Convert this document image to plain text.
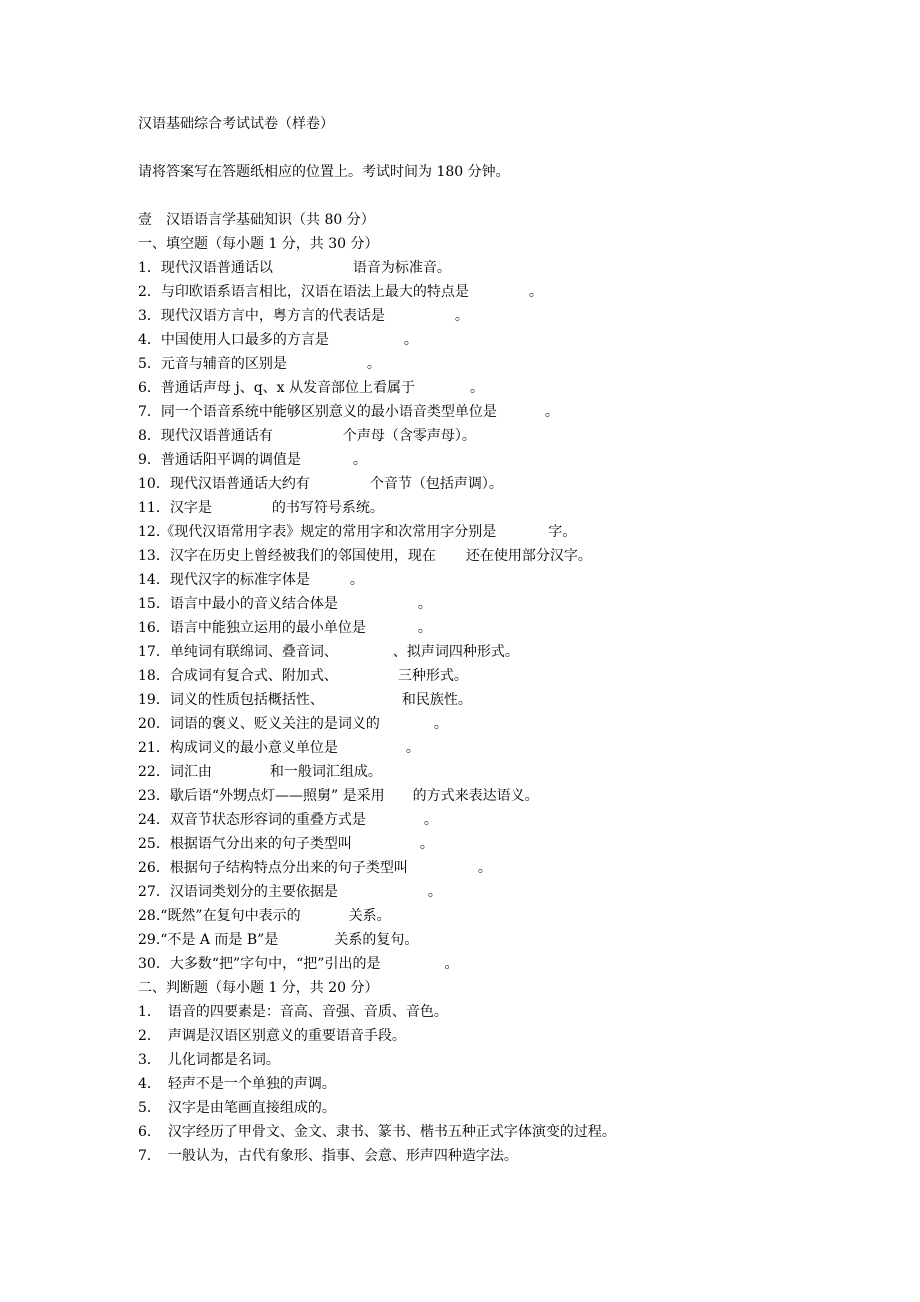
汉语基础综合考试试卷（样卷）

请将答案写在答题纸相应的位置上。考试时间为 180 分钟。

壹　汉语语言学基础知识（共 80 分）

一、填空题（每小题 1 分，共 30 分）

1．现代汉语普通话以	语音为标准音。

2．与印欧语系语言相比，汉语在语法上最大的特点是	。

3．现代汉语方言中，粤方言的代表话是	。

4．中国使用人口最多的方言是	。

5．元音与辅音的区别是	。

6．普通话声母 j、q、x 从发音部位上看属于	。

7．同一个语音系统中能够区别意义的最小语音类型单位是	。

8．现代汉语普通话有	个声母（含零声母）。

9．普通话阳平调的调值是	。

10．现代汉语普通话大约有	个音节（包括声调）。

11．汉字是	的书写符号系统。

12.《现代汉语常用字表》规定的常用字和次常用字分别是	字。

13．汉字在历史上曾经被我们的邻国使用，现在 还在使用部分汉字。

14．现代汉字的标准字体是	。

15．语言中最小的音义结合体是	。

16．语言中能独立运用的最小单位是	。

17．单纯词有联绵词、叠音词、	、拟声词四种形式。

18．合成词有复合式、附加式、	三种形式。

19．词义的性质包括概括性、	和民族性。

20．词语的褒义、贬义关注的是词义的	。

21．构成词义的最小意义单位是	。

22．词汇由	和一般词汇组成。

23．歇后语“外甥点灯——照舅” 是采用 的方式来表达语义。

24．双音节状态形容词的重叠方式是	。

25．根据语气分出来的句子类型叫	。

26．根据句子结构特点分出来的句子类型叫	。

27．汉语词类划分的主要依据是	。

28.“既然”在复句中表示的	关系。

29.“不是 A 而是 B”是	关系的复句。

30．大多数“把”字句中，“把”引出的是	。

二、判断题（每小题 1 分，共 20 分）

1．　语音的四要素是：音高、音强、音质、音色。

2．　声调是汉语区别意义的重要语音手段。

3．　儿化词都是名词。

4．　轻声不是一个单独的声调。

5．　汉字是由笔画直接组成的。

6．　汉字经历了甲骨文、金文、隶书、篆书、楷书五种正式字体演变的过程。

7．　一般认为，古代有象形、指事、会意、形声四种造字法。
